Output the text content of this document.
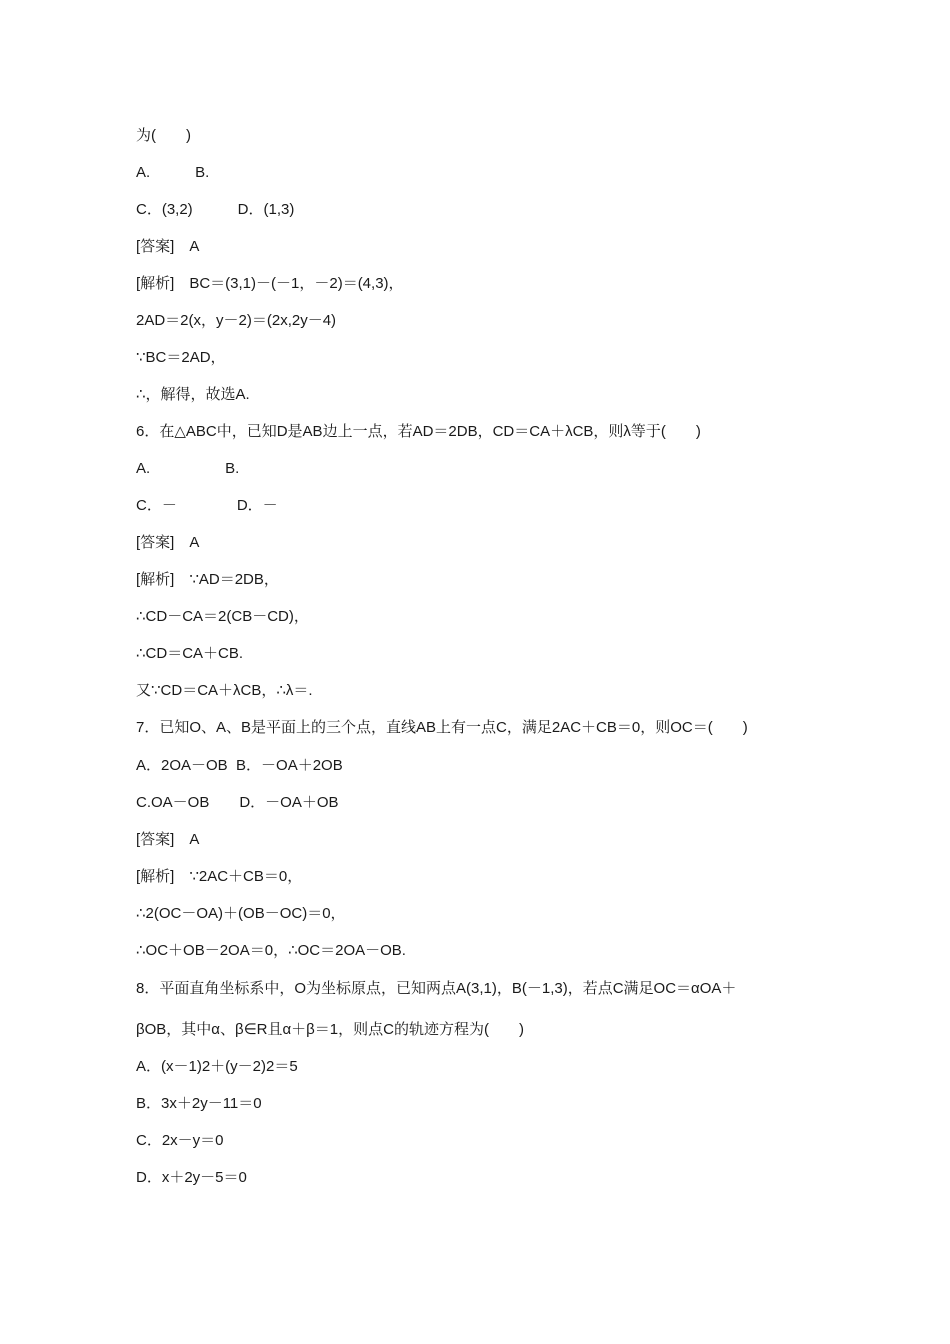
为(　　)
A.　　　B.
C．(3,2)　　　D．(1,3)
[答案]　A
[解析]　BC＝(3,1)－(－1，－2)＝(4,3)，
2AD＝2(x，y－2)＝(2x,2y－4)
∵BC＝2AD，
∴，解得，故选A.
6．在△ABC中，已知D是AB边上一点，若AD＝2DB，CD＝CA＋λCB，则λ等于(　　)
A.　　　　　B.
C．－　　　　D．－
[答案]　A
[解析]　∵AD＝2DB，
∴CD－CA＝2(CB－CD)，
∴CD＝CA＋CB.
又∵CD＝CA＋λCB，∴λ＝.
7．已知O、A、B是平面上的三个点，直线AB上有一点C，满足2AC＋CB＝0，则OC＝(　　)
A．2OA－OB  B．－OA＋2OB
C.OA－OB　　D．－OA＋OB
[答案]　A
[解析]　∵2AC＋CB＝0，
∴2(OC－OA)＋(OB－OC)＝0，
∴OC＋OB－2OA＝0，∴OC＝2OA－OB.
8．平面直角坐标系中，O为坐标原点，已知两点A(3,1)，B(－1,3)，若点C满足OC＝αOA＋
βOB，其中α、β∈R且α＋β＝1，则点C的轨迹方程为(　　)
A．(x－1)2＋(y－2)2＝5
B．3x＋2y－11＝0
C．2x－y＝0
D．x＋2y－5＝0
